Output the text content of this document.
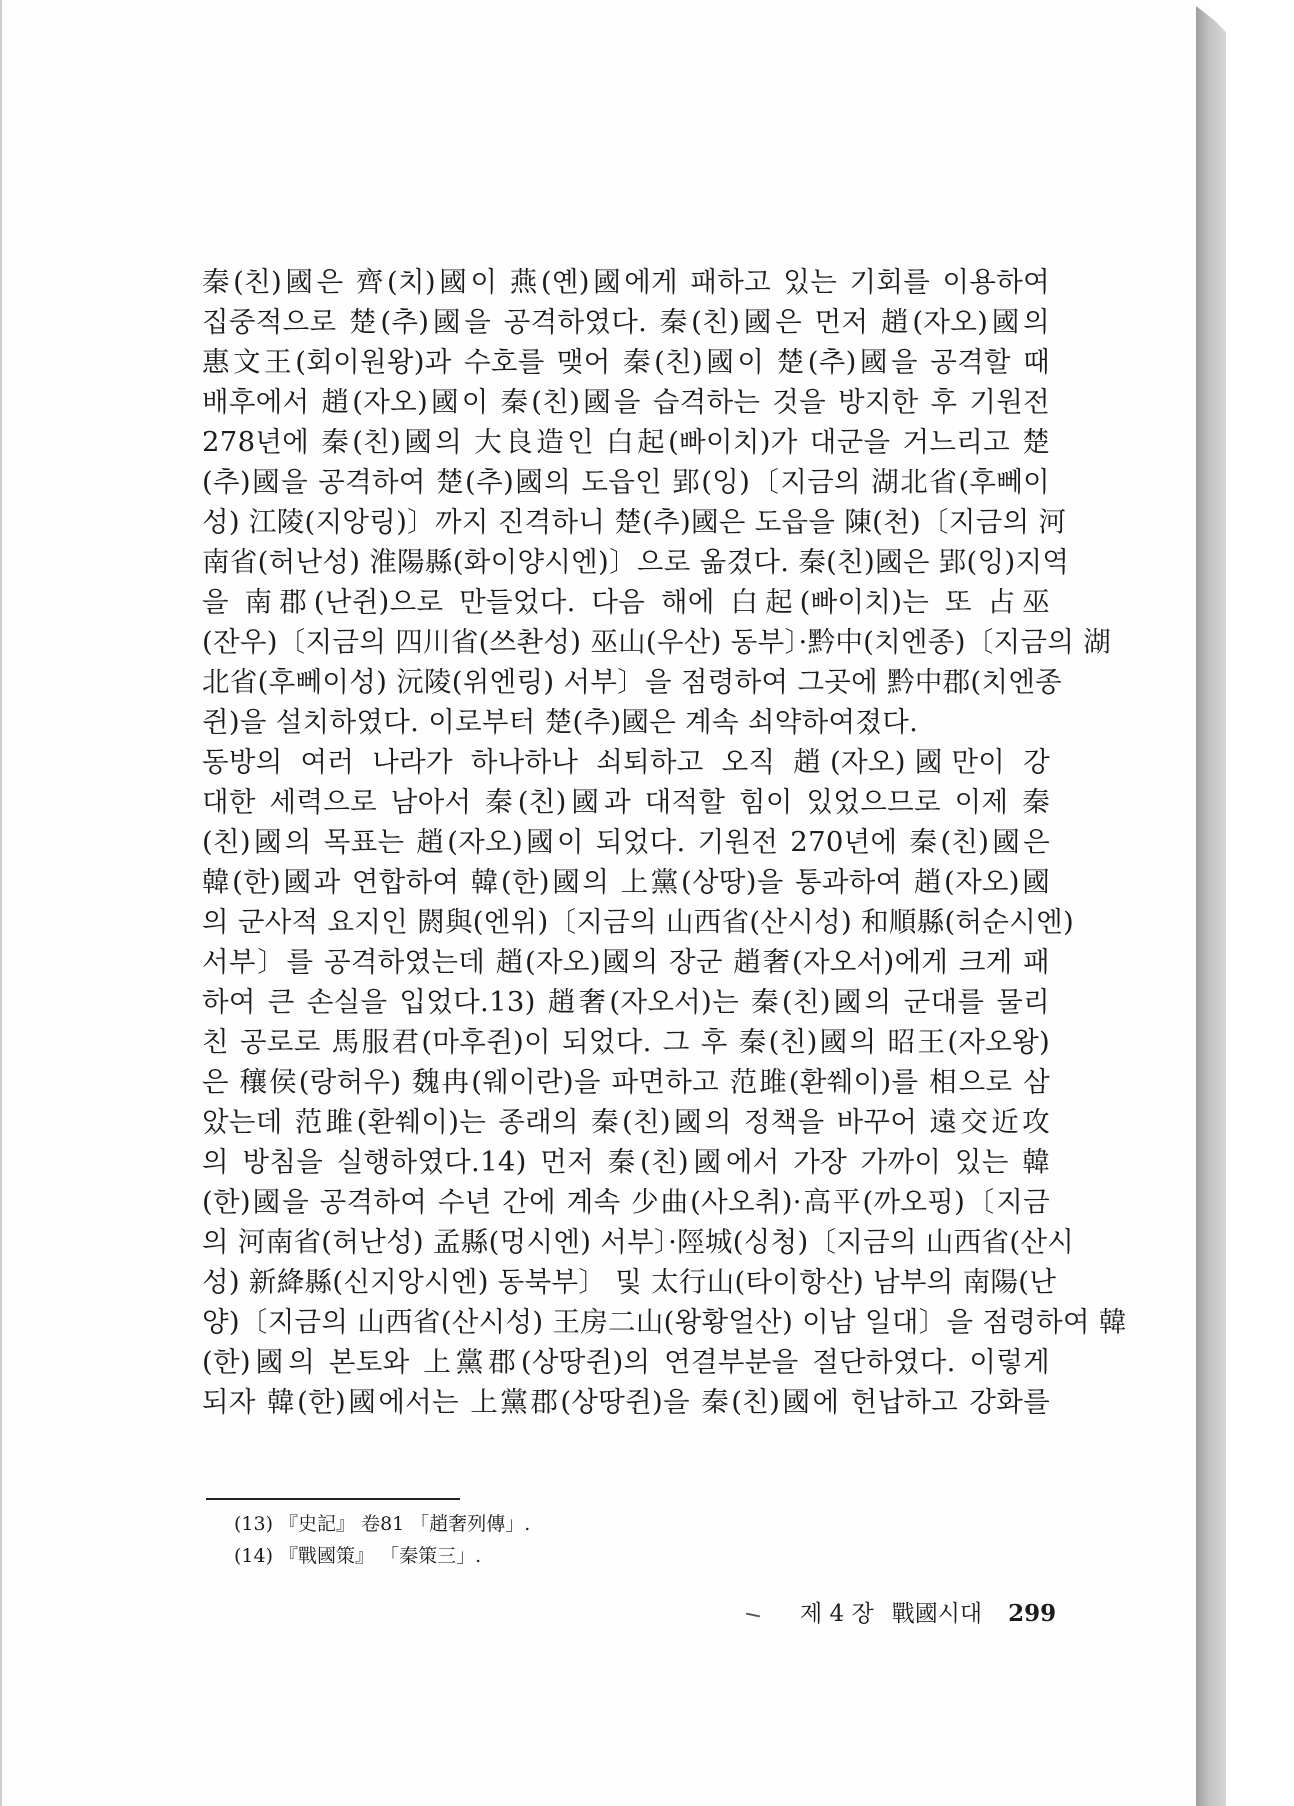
秦(친)國은 齊(치)國이 燕(옌)國에게 패하고 있는 기회를 이용하여
집중적으로 楚(추)國을 공격하였다. 秦(친)國은 먼저 趙(자오)國의
惠文王(회이원왕)과 수호를 맺어 秦(친)國이 楚(추)國을 공격할 때
배후에서 趙(자오)國이 秦(친)國을 습격하는 것을 방지한 후 기원전
278년에 秦(친)國의 大良造인 白起(빠이치)가 대군을 거느리고 楚
(추)國을 공격하여 楚(추)國의 도읍인 郢(잉)〔지금의 湖北省(후뻬이
성) 江陵(지앙링)〕까지 진격하니 楚(추)國은 도읍을 陳(천)〔지금의 河
南省(허난성) 淮陽縣(화이양시엔)〕으로 옮겼다. 秦(친)國은 郢(잉)지역
을 南郡(난쥔)으로 만들었다. 다음 해에 白起(빠이치)는 또 占巫
(잔우)〔지금의 四川省(쓰촨성) 巫山(우산) 동부〕·黔中(치엔종)〔지금의 湖
北省(후뻬이성) 沅陵(위엔링) 서부〕을 점령하여 그곳에 黔中郡(치엔종
쥔)을 설치하였다. 이로부터 楚(추)國은 계속 쇠약하여졌다.
동방의 여러 나라가 하나하나 쇠퇴하고 오직 趙(자오)國만이 강
대한 세력으로 남아서 秦(친)國과 대적할 힘이 있었으므로 이제 秦
(친)國의 목표는 趙(자오)國이 되었다. 기원전 270년에 秦(친)國은
韓(한)國과 연합하여 韓(한)國의 上黨(상땅)을 통과하여 趙(자오)國
의 군사적 요지인 閼與(엔위)〔지금의 山西省(산시성) 和順縣(허순시엔)
서부〕를 공격하였는데 趙(자오)國의 장군 趙奢(자오서)에게 크게 패
하여 큰 손실을 입었다.13) 趙奢(자오서)는 秦(친)國의 군대를 물리
친 공로로 馬服君(마후쥔)이 되었다. 그 후 秦(친)國의 昭王(자오왕)
은 穰侯(랑허우) 魏冉(웨이란)을 파면하고 范雎(환쒜이)를 相으로 삼
았는데 范雎(환쒜이)는 종래의 秦(친)國의 정책을 바꾸어 遠交近攻
의 방침을 실행하였다.14) 먼저 秦(친)國에서 가장 가까이 있는 韓
(한)國을 공격하여 수년 간에 계속 少曲(사오취)·高平(까오핑)〔지금
의 河南省(허난성) 孟縣(멍시엔) 서부〕·陘城(싱청)〔지금의 山西省(산시
성) 新絳縣(신지앙시엔) 동북부〕 및 太行山(타이항산) 남부의 南陽(난
양)〔지금의 山西省(산시성) 王房二山(왕황얼산) 이남 일대〕을 점령하여 韓
(한)國의 본토와 上黨郡(상땅쥔)의 연결부분을 절단하였다. 이렇게
되자 韓(한)國에서는 上黨郡(상땅쥔)을 秦(친)國에 헌납하고 강화를
(13) 『史記』 卷81 「趙奢列傳」.
(14) 『戰國策』 「秦策三」.
제 4 장 戰國시대 299
